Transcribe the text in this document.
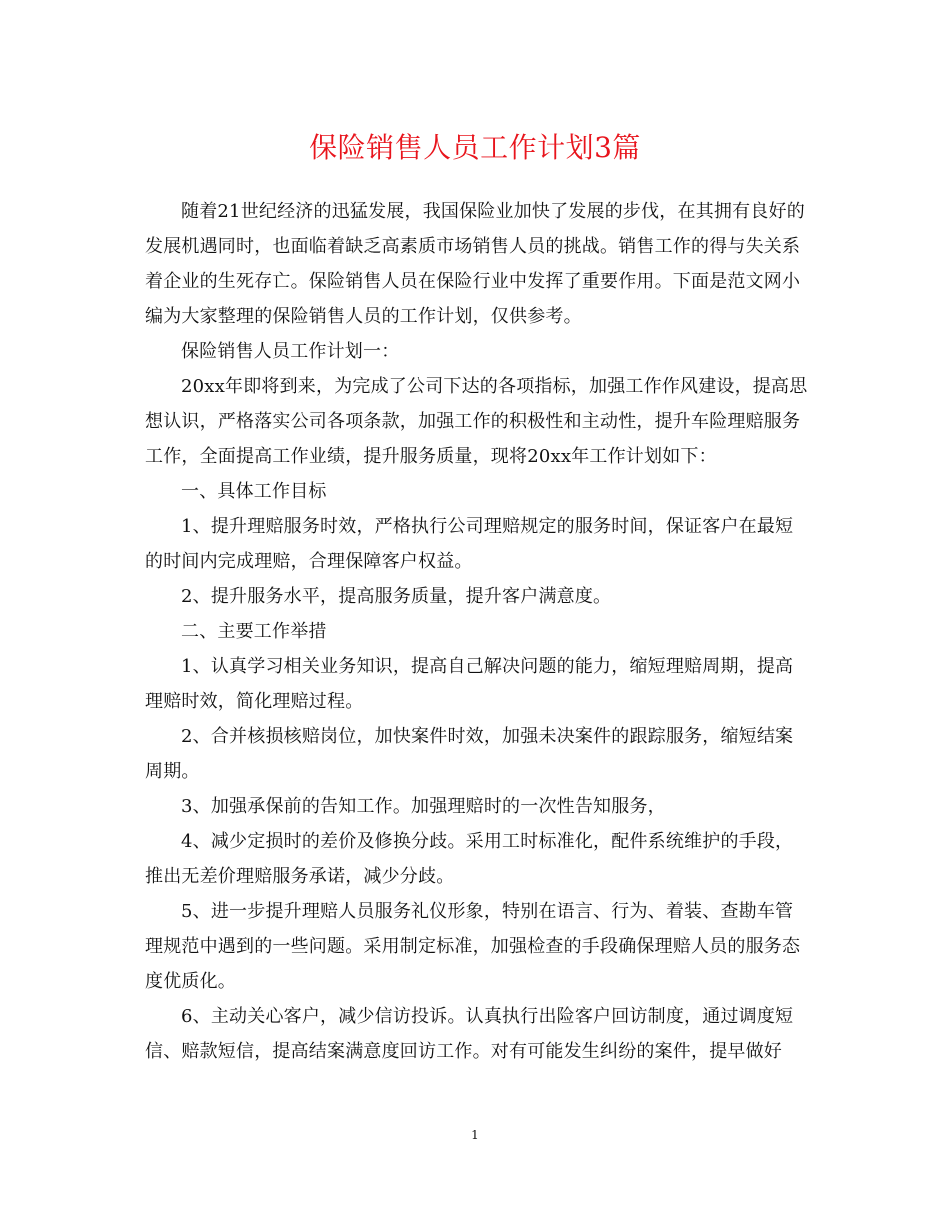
保险销售人员工作计划3篇

随着21世纪经济的迅猛发展，我国保险业加快了发展的步伐，在其拥有良好的发展机遇同时，也面临着缺乏高素质市场销售人员的挑战。销售工作的得与失关系着企业的生死存亡。保险销售人员在保险行业中发挥了重要作用。下面是范文网小编为大家整理的保险销售人员的工作计划，仅供参考。

保险销售人员工作计划一：

20xx年即将到来，为完成了公司下达的各项指标，加强工作作风建设，提高思想认识，严格落实公司各项条款，加强工作的积极性和主动性，提升车险理赔服务工作，全面提高工作业绩，提升服务质量，现将20xx年工作计划如下：

一、具体工作目标

1、提升理赔服务时效，严格执行公司理赔规定的服务时间，保证客户在最短的时间内完成理赔，合理保障客户权益。

2、提升服务水平，提高服务质量，提升客户满意度。

二、主要工作举措

1、认真学习相关业务知识，提高自己解决问题的能力，缩短理赔周期，提高理赔时效，简化理赔过程。

2、合并核损核赔岗位，加快案件时效，加强未决案件的跟踪服务，缩短结案周期。

3、加强承保前的告知工作。加强理赔时的一次性告知服务，

4、减少定损时的差价及修换分歧。采用工时标准化，配件系统维护的手段，推出无差价理赔服务承诺，减少分歧。

5、进一步提升理赔人员服务礼仪形象，特别在语言、行为、着装、查勘车管理规范中遇到的一些问题。采用制定标准，加强检查的手段确保理赔人员的服务态度优质化。

6、主动关心客户，减少信访投诉。认真执行出险客户回访制度，通过调度短信、赔款短信，提高结案满意度回访工作。对有可能发生纠纷的案件，提早做好

1
